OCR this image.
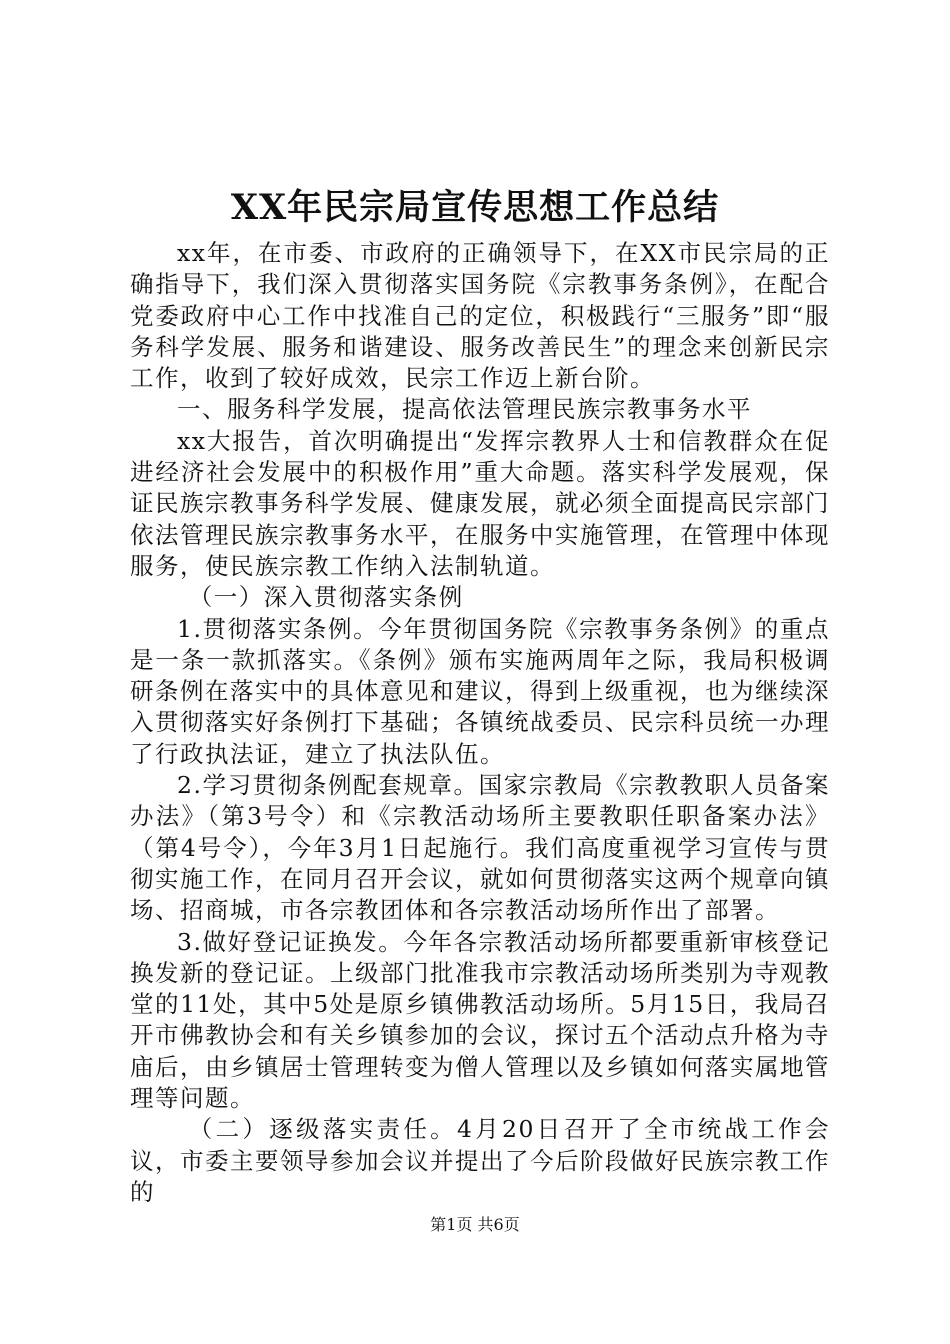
XX年民宗局宣传思想工作总结

xx年，在市委、市政府的正确领导下，在XX市民宗局的正确指导下，我们深入贯彻落实国务院《宗教事务条例》，在配合党委政府中心工作中找准自己的定位，积极践行“三服务”即“服务科学发展、服务和谐建设、服务改善民生”的理念来创新民宗工作，收到了较好成效，民宗工作迈上新台阶。

一、服务科学发展，提高依法管理民族宗教事务水平

xx大报告，首次明确提出“发挥宗教界人士和信教群众在促进经济社会发展中的积极作用”重大命题。落实科学发展观，保证民族宗教事务科学发展、健康发展，就必须全面提高民宗部门依法管理民族宗教事务水平，在服务中实施管理，在管理中体现服务，使民族宗教工作纳入法制轨道。

（一）深入贯彻落实条例

1.贯彻落实条例。今年贯彻国务院《宗教事务条例》的重点是一条一款抓落实。《条例》颁布实施两周年之际，我局积极调研条例在落实中的具体意见和建议，得到上级重视，也为继续深入贯彻落实好条例打下基础；各镇统战委员、民宗科员统一办理了行政执法证，建立了执法队伍。

2.学习贯彻条例配套规章。国家宗教局《宗教教职人员备案办法》（第3号令）和《宗教活动场所主要教职任职备案办法》（第4号令），今年3月1日起施行。我们高度重视学习宣传与贯彻实施工作，在同月召开会议，就如何贯彻落实这两个规章向镇场、招商城，市各宗教团体和各宗教活动场所作出了部署。

3.做好登记证换发。今年各宗教活动场所都要重新审核登记换发新的登记证。上级部门批准我市宗教活动场所类别为寺观教堂的11处，其中5处是原乡镇佛教活动场所。5月15日，我局召开市佛教协会和有关乡镇参加的会议，探讨五个活动点升格为寺庙后，由乡镇居士管理转变为僧人管理以及乡镇如何落实属地管理等问题。

（二）逐级落实责任。4月20日召开了全市统战工作会议，市委主要领导参加会议并提出了今后阶段做好民族宗教工作的

第1页 共6页
